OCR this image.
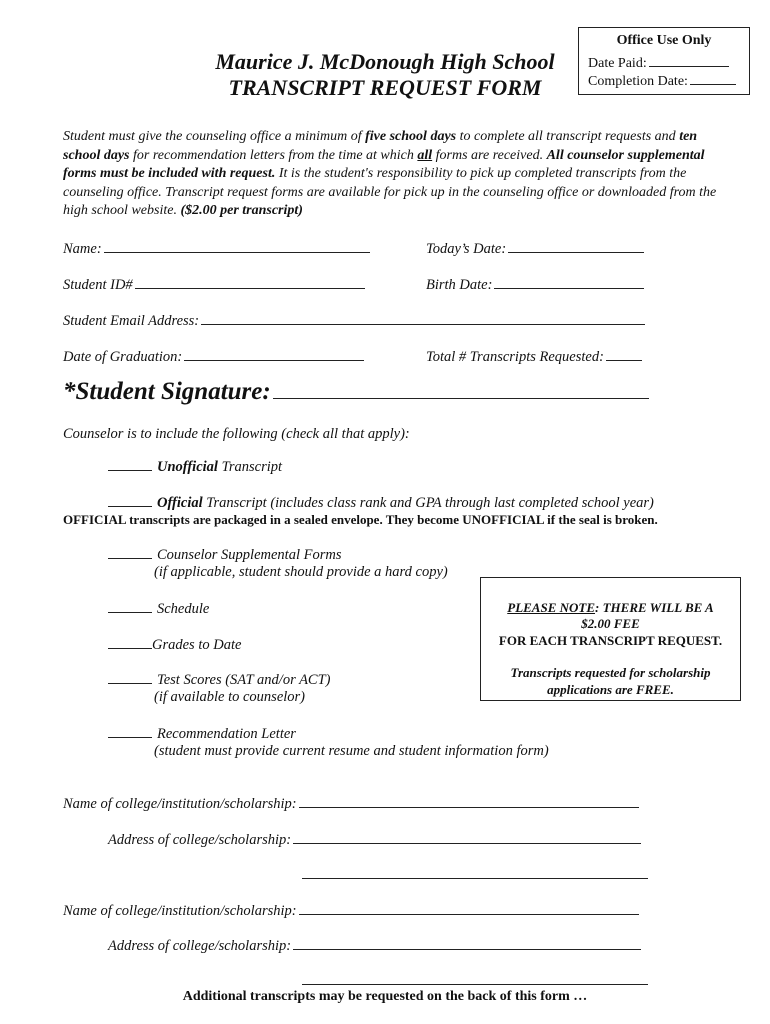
Office Use Only
Date Paid:
Completion Date:
Maurice J. McDonough High School
TRANSCRIPT REQUEST FORM
Student must give the counseling office a minimum of five school days to complete all transcript requests and ten school days for recommendation letters from the time at which all forms are received. All counselor supplemental forms must be included with request. It is the student's responsibility to pick up completed transcripts from the counseling office. Transcript request forms are available for pick up in the counseling office or downloaded from the high school website. ($2.00 per transcript)
Name:	Today’s Date:
Student ID#	Birth Date:
Student Email Address:
Date of Graduation:	Total # Transcripts Requested:
*Student Signature:
Counselor is to include the following (check all that apply):
Unofficial Transcript
Official Transcript (includes class rank and GPA through last completed school year)
OFFICIAL transcripts are packaged in a sealed envelope. They become UNOFFICIAL if the seal is broken.
Counselor Supplemental Forms
(if applicable, student should provide a hard copy)
Schedule
Grades to Date
Test Scores (SAT and/or ACT)
(if available to counselor)
Recommendation Letter
(student must provide current resume and student information form)
PLEASE NOTE: THERE WILL BE A
$2.00 FEE
FOR EACH TRANSCRIPT REQUEST.
Transcripts requested for scholarship
applications are FREE.
Name of college/institution/scholarship:
Address of college/scholarship:
Name of college/institution/scholarship:
Address of college/scholarship:
Additional transcripts may be requested on the back of this form …
